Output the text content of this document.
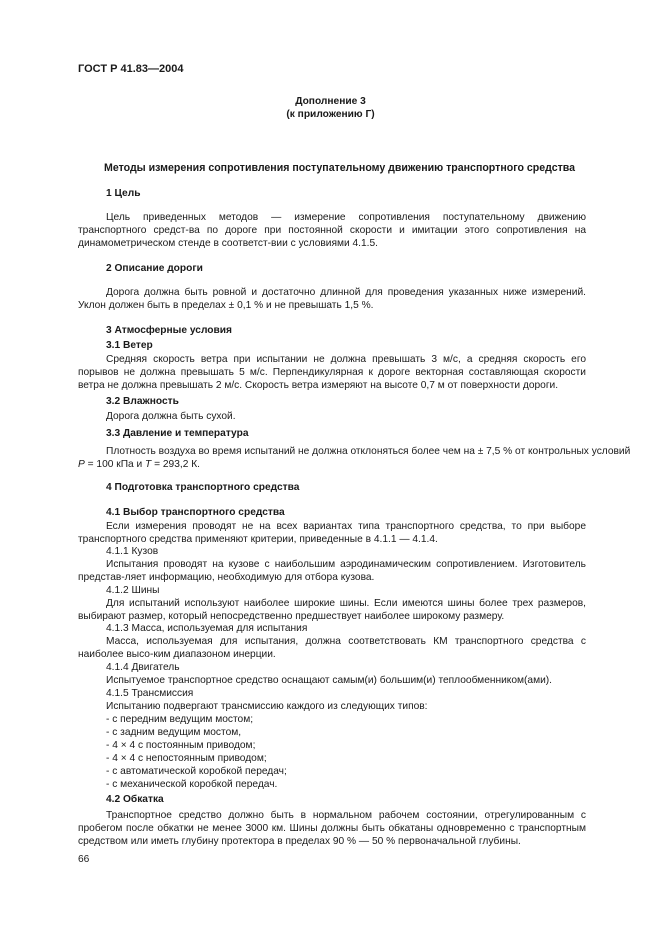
ГОСТ Р 41.83—2004

Дополнение 3

(к приложению Г)

Методы измерения сопротивления поступательному движению транспортного средства

1 Цель

Цель приведенных методов — измерение сопротивления поступательному движению транспортного средст-ва по дороге при постоянной скорости и имитации этого сопротивления на динамометрическом стенде в соответст-вии с условиями 4.1.5.

2 Описание дороги

Дорога должна быть ровной и достаточно длинной для проведения указанных ниже измерений. Уклон должен быть в пределах ± 0,1 % и не превышать 1,5 %.

3 Атмосферные условия

3.1 Ветер

Средняя скорость ветра при испытании не должна превышать 3 м/с, а средняя скорость его порывов не должна превышать 5 м/с. Перпендикулярная к дороге векторная составляющая скорости ветра не должна превышать 2 м/с. Скорость ветра измеряют на высоте 0,7 м от поверхности дороги.

3.2 Влажность

Дорога должна быть сухой.

3.3 Давление и температура

Плотность воздуха во время испытаний не должна отклоняться более чем на ± 7,5 % от контрольных условий

P = 100 кПа и T = 293,2 К.

4 Подготовка транспортного средства

4.1 Выбор транспортного средства

Если измерения проводят не на всех вариантах типа транспортного средства, то при выборе транспортного средства применяют критерии, приведенные в 4.1.1 — 4.1.4.

4.1.1 Кузов

Испытания проводят на кузове с наибольшим аэродинамическим сопротивлением. Изготовитель представ-ляет информацию, необходимую для отбора кузова.

4.1.2 Шины

Для испытаний используют наиболее широкие шины. Если имеются шины более трех размеров, выбирают размер, который непосредственно предшествует наиболее широкому размеру.

4.1.3 Масса, используемая для испытания

Масса, используемая для испытания, должна соответствовать КМ транспортного средства с наиболее высо-ким диапазоном инерции.

4.1.4 Двигатель

Испытуемое транспортное средство оснащают самым(и) большим(и) теплообменником(ами).

4.1.5 Трансмиссия

Испытанию подвергают трансмиссию каждого из следующих типов:

- с передним ведущим мостом;

- с задним ведущим мостом,

- 4 × 4 с постоянным приводом;

- 4 × 4 с непостоянным приводом;

- с автоматической коробкой передач;

- с механической коробкой передач.

4.2 Обкатка

Транспортное средство должно быть в нормальном рабочем состоянии, отрегулированным с пробегом после обкатки не менее 3000 км. Шины должны быть обкатаны одновременно с транспортным средством или иметь глубину протектора в пределах 90 % — 50 % первоначальной глубины.

66
